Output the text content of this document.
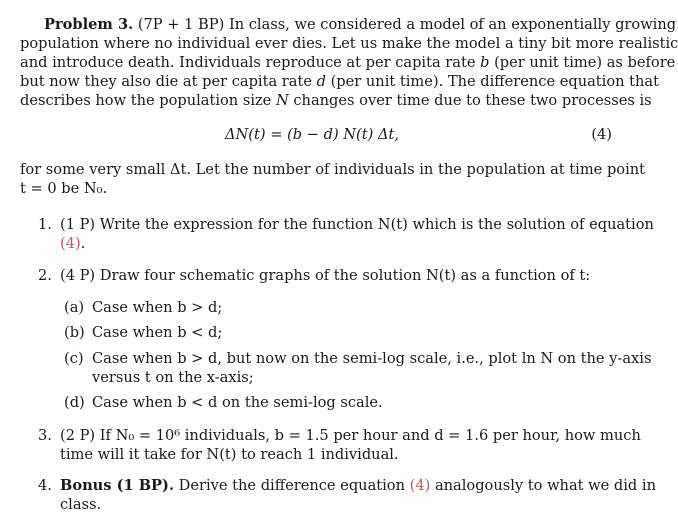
Problem 3. (7P + 1 BP) In class, we considered a model of an exponentially growing
population where no individual ever dies. Let us make the model a tiny bit more realistic
and introduce death. Individuals reproduce at per capita rate b (per unit time) as before
but now they also die at per capita rate d (per unit time). The difference equation that
describes how the population size N changes over time due to these two processes is
ΔN(t) = (b − d) N(t) Δt,	(4)
for some very small Δt. Let the number of individuals in the population at time point
t = 0 be N₀.
1. (1 P) Write the expression for the function N(t) which is the solution of equation
(4).
2. (4 P) Draw four schematic graphs of the solution N(t) as a function of t:
(a) Case when b > d;
(b) Case when b < d;
(c) Case when b > d, but now on the semi-log scale, i.e., plot ln N on the y-axis
versus t on the x-axis;
(d) Case when b < d on the semi-log scale.
3. (2 P) If N₀ = 10⁶ individuals, b = 1.5 per hour and d = 1.6 per hour, how much
time will it take for N(t) to reach 1 individual.
4. Bonus (1 BP). Derive the difference equation (4) analogously to what we did in
class.
